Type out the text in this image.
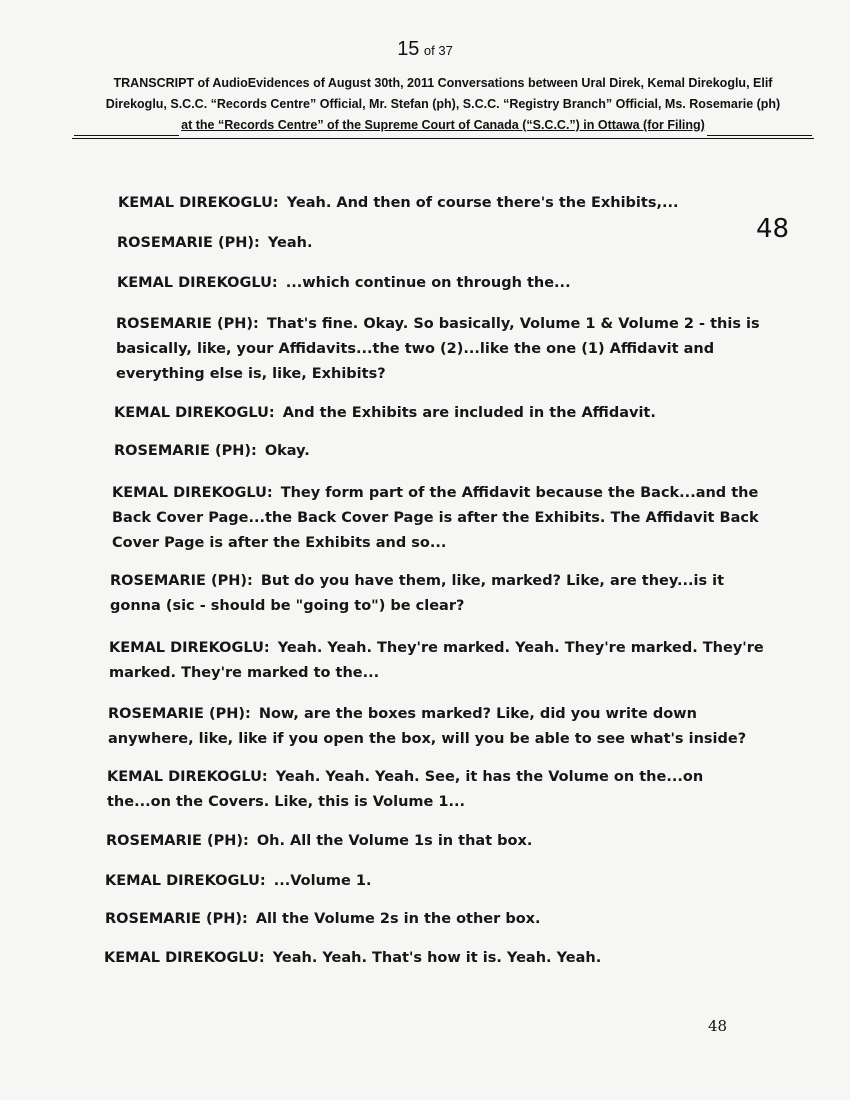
15 of 37
TRANSCRIPT of AudioEvidences of August 30th, 2011 Conversations between Ural Direk, Kemal Direkoglu, Elif
Direkoglu, S.C.C. “Records Centre” Official, Mr. Stefan (ph), S.C.C. “Registry Branch” Official, Ms. Rosemarie (ph)
at the “Records Centre” of the Supreme Court of Canada (“S.C.C.”) in Ottawa (for Filing)
48
KEMAL DIREKOGLU: Yeah. And then of course there's the Exhibits,...
ROSEMARIE (PH): Yeah.
KEMAL DIREKOGLU: ...which continue on through the...
ROSEMARIE (PH): That's fine. Okay. So basically, Volume 1 & Volume 2 - this is basically, like, your Affidavits...the two (2)...like the one (1) Affidavit and everything else is, like, Exhibits?
KEMAL DIREKOGLU: And the Exhibits are included in the Affidavit.
ROSEMARIE (PH): Okay.
KEMAL DIREKOGLU: They form part of the Affidavit because the Back...and the Back Cover Page...the Back Cover Page is after the Exhibits. The Affidavit Back Cover Page is after the Exhibits and so...
ROSEMARIE (PH): But do you have them, like, marked? Like, are they...is it gonna (sic - should be "going to") be clear?
KEMAL DIREKOGLU: Yeah. Yeah. They're marked. Yeah. They're marked. They're marked. They're marked to the...
ROSEMARIE (PH): Now, are the boxes marked? Like, did you write down anywhere, like, like if you open the box, will you be able to see what's inside?
KEMAL DIREKOGLU: Yeah. Yeah. Yeah. See, it has the Volume on the...on the...on the Covers. Like, this is Volume 1...
ROSEMARIE (PH): Oh. All the Volume 1s in that box.
KEMAL DIREKOGLU: ...Volume 1.
ROSEMARIE (PH): All the Volume 2s in the other box.
KEMAL DIREKOGLU: Yeah. Yeah. That's how it is. Yeah. Yeah.
48
